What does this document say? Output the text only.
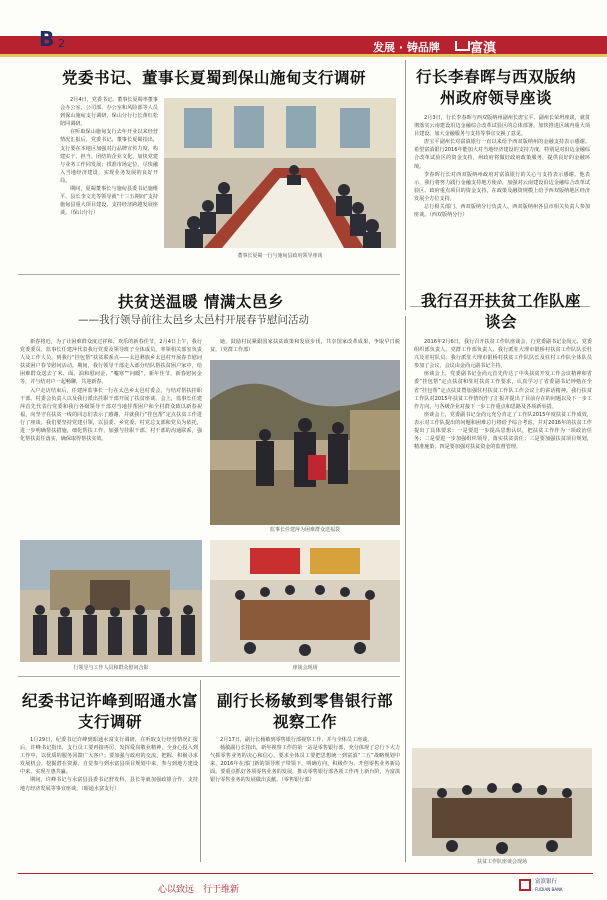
B 2	发展 · 铸品牌 富滇
党委书记、董事长夏蜀到保山施甸支行调研

2月4日，党委书记、董事长夏蜀率董事会办公室、公司部、办公室和风险部等人员到保山施甸支行调研，保山分行行长黄红松陪同调研。

在听取保山施甸支行去年开业以来经营情况汇报后，党委书记、董事长夏蜀指出，支行要在本地区加强对行品牌宣传力度，构建实干、担当、团结的企业文化，加快党建与业务工作同发展；找准市场定位，尽快融入当地经济建设，实现业务发展的良好开局。

期间，夏蜀董事长与施甸县委书记施维平、县长李文光等领导就“十三五期间”支持施甸县重大项目建设、支持经济跨越发展座谈。（保山分行）

董事长夏蜀一行与施甸县政府领导座谈
行长李春晖与西双版纳州政府领导座谈

2月3日，行长李春晖与西双版纳州副州长唐宝平、副州长荣坍座谈，就贯彻落实云南建设沿边金融综合改革试验区的总体部署，加快推进区域内重大项目建设、加大金融服务与支持等事宜交换了意见。

唐宝平副州长对富滇银行一直以来给予西双版纳州的金融支持表示感谢。希望富滇银行2016年能加大对当地经济建设的支持力度，特别是对沿边金融综合改革试验区的资金支持，州政府将做好政府政策服务，提供良好的金融环境。

李春晖行长对西双版纳州政府对富滇银行的关心与支持表示感谢。他表示，我行将努力践行金融支持地方使命，加强对云南建设沿边金融综合改革试验区、政府重点项目的资金支持，在政策及融资规模上给予西双版纳地区经济发展全方位支持。

总行相关部门、西双版纳分行负责人、西双版纳州各县市相关负责人参加座谈。（西双版纳分行）

扶贫送温暖 情满太邑乡
——我行领导前往太邑乡太邑村开展春节慰问活动

新春将近，为了让困难群众度过祥和、欢乐的新春佳节，2月4日上午，我行党委委员、监事长任建萍代表我行党委及领导班子全体成员，率领相关部室负责人及工作人员，到我行“挂包帮”扶贫联系点——太邑彝族乡太邑村开展春节慰问扶贫困户春节慰问活动。期间，我行领导干部走入部分结队帮扶贫困户家中，给困难群众送去了米、面、油和慰问金，“嘘寒”“问暖”，新年佳节，新春慰问金等，并与结对户一起畅聊，共迎新春。

入户走访结束后，任建萍监事长一行在太邑乡太邑村委会，与结对帮扶挂职干部、村委会负责人以及我行派出挂职干部开展了扶贫座谈，会上，监事长任建萍首先代表行党委和我行各级领导干部对当地挂帮困户和全村群众致以新春祝福，向坚守在扶贫一线的同志们表示了感谢，并就我行“挂包帮”定点扶贫工作进行了座谈。我们要坚持党建引领，以县委、乡党委、村党总支部和党员为依托，进一步明确帮扶措施，细化帮扶工作，加强与挂职干部、村干部的沟通联系，强化帮扶责任落实，确保取得帮扶实效。

她，鼓励村民紧跟国家扶贫政策和发展步伐，共享国家改革成果，争取早日脱贫。（党群工作部）

监事长任建萍为困难群众送福袋
行领导与工作人员和群众慰问合影	座谈会现场
我行召开扶贫工作队座谈会

2016年2月6日，我行召开扶贫工作队座谈会，行党委副书记金尚元、党委组织部负责人、党群工作部负责人、我行派驻大理市银桥村扶贫工作队队长杜兴及驻村队员、我行派驻大理市银桥村扶贫工作队队长及驻村工作队全体队员参加了会议，会议由金尚元副书记主持。

座谈会上，党委副书记金尚元首先传达了中央扶贫开发工作会议精神和省委“挂包帮”定点扶贫和驻村扶贫工作要求，认真学习了省委副书记钟勉在全省“挂包帮”定点扶贫暨加强驻村扶贫工作队工作会议上的讲话精神。我行扶贫工作队对2015年扶贫工作情况作了汇报并提出了目前存在的问题以及下一步工作方向，与各级企业对接下一步工作重点和思路及各项新举措。

座谈会上，党委副书记金尚元充分肯定了工作队2015年度扶贫工作成效，表示对工作队提出的问题和困难总行将给予综合考虑，并对2016年的扶贫工作提出了具体要求：一是要进一步提高思想认识，把扶贫工作作为一项政治任务；二是要进一步加强组织领导，落实扶贫责任；三是要加强扶贫项目规划，精准施策；四是要加强对扶贫资金的监督管理。

扶贫工作队座谈会现场
纪委书记许峰到昭通水富支行调研

1月29日，纪委书记许峰到昭通水富支行调研，在听取支行经营情况汇报后，许峰书记指出，支行员工要再接再厉，发挥爱岗敬业精神，全身心投入到工作中，以优质的服务回馈广大客户；要加强与政府的交流，把握、积极寻求发展机会，挖掘潜在资源，自觉参与到水富县项目规划中来，参与到地方建设中来，实现互惠共赢。

期间，许峰书记与水富县县委书记舒发科，县长等就加强政银合作，支持地方经济发展等事宜座谈。（昭通水富支行）

副行长杨敏到零售银行部视察工作

2月17日，副行长杨敏到零售银行部视察工作，并与全体员工座谈。

杨敏副行长指出，新年视察工作的第一站是零售银行部，充分体现了总行下大力气抓零售业务的决心和信心。要求全体员工要把思想统一到富滇“二五”战略规划中来，2016年在部门新的领导班子带领下，明确方向，积极作为，开创零售业务新局面。要重点抓好各项零售业务的发展，推动零售银行部各项工作再上新台阶，为富滇银行零售业务的发展做出贡献。（零售银行部）

心以致远　行于维新
富滇银行
FUDIAN BANK
